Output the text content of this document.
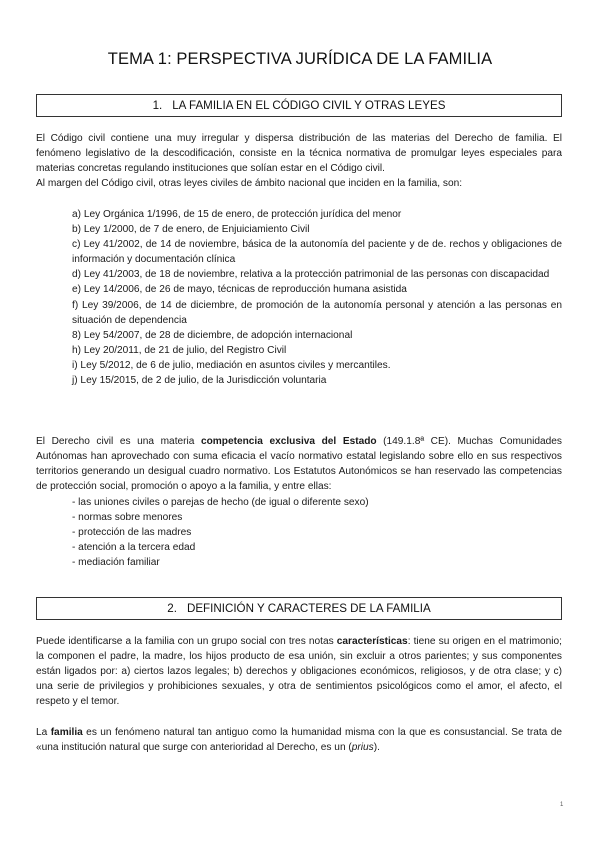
TEMA 1: PERSPECTIVA JURÍDICA DE LA FAMILIA
1. LA FAMILIA EN EL CÓDIGO CIVIL Y OTRAS LEYES

El Código civil contiene una muy irregular y dispersa distribución de las materias del Derecho de familia. El fenómeno legislativo de la descodificación, consiste en la técnica normativa de promulgar leyes especiales para materias concretas regulando instituciones que solían estar en el Código civil.

Al margen del Código civil, otras leyes civiles de ámbito nacional que inciden en la familia, son:

a) Ley Orgánica 1/1996, de 15 de enero, de protección jurídica del menor
b) Ley 1/2000, de 7 de enero, de Enjuiciamiento Civil
c) Ley 41/2002, de 14 de noviembre, básica de la autonomía del paciente y de de. rechos y obligaciones de información y documentación clínica
d) Ley 41/2003, de 18 de noviembre, relativa a la protección patrimonial de las personas con discapacidad
e) Ley 14/2006, de 26 de mayo, técnicas de reproducción humana asistida
f) Ley 39/2006, de 14 de diciembre, de promoción de la autonomía personal y atención a las personas en situación de dependencia
8) Ley 54/2007, de 28 de diciembre, de adopción internacional
h) Ley 20/2011, de 21 de julio, del Registro Civil
i) Ley 5/2012, de 6 de julio, mediación en asuntos civiles y mercantiles.
j) Ley 15/2015, de 2 de julio, de la Jurisdicción voluntaria
El Derecho civil es una materia competencia exclusiva del Estado (149.1.8ª CE). Muchas Comunidades Autónomas han aprovechado con suma eficacia el vacío normativo estatal legislando sobre ello en sus respectivos territorios generando un desigual cuadro normativo. Los Estatutos Autonómicos se han reservado las competencias de protección social, promoción o apoyo a la familia, y entre ellas:
- las uniones civiles o parejas de hecho (de igual o diferente sexo)
- normas sobre menores
- protección de las madres
- atención a la tercera edad
- mediación familiar
2. DEFINICIÓN Y CARACTERES DE LA FAMILIA
Puede identificarse a la familia con un grupo social con tres notas características: tiene su origen en el matrimonio; la componen el padre, la madre, los hijos producto de esa unión, sin excluir a otros parientes; y sus componentes están ligados por: a) ciertos lazos legales; b) derechos y obligaciones económicos, religiosos, y de otra clase; y c) una serie de privilegios y prohibiciones sexuales, y otra de sentimientos psicológicos como el amor, el afecto, el respeto y el temor.
La familia es un fenómeno natural tan antiguo como la humanidad misma con la que es consustancial. Se trata de «una institución natural que surge con anterioridad al Derecho, es un (prius).
1
